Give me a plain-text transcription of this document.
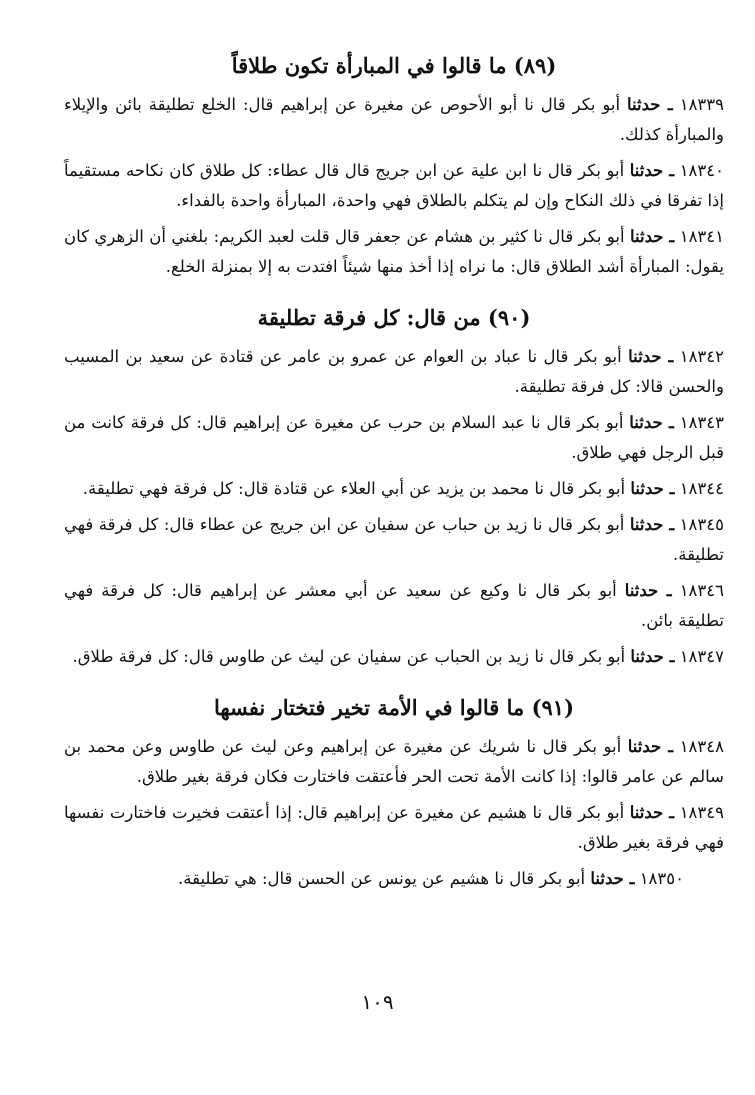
(٨٩) ما قالوا في المبارأة تكون طلاقاً

١٨٣٣٩ ـ حدثنا أبو بكر قال نا أبو الأحوص عن مغيرة عن إبراهيم قال: الخلع تطليقة بائن والإيلاء والمبارأة كذلك.

١٨٣٤٠ ـ حدثنا أبو بكر قال نا ابن علية عن ابن جريج قال قال عطاء: كل طلاق كان نكاحه مستقيماً إذا تفرقا في ذلك النكاح وإن لم يتكلم بالطلاق فهي واحدة، المبارأة واحدة بالفداء.

١٨٣٤١ ـ حدثنا أبو بكر قال نا كثير بن هشام عن جعفر قال قلت لعبد الكريم: بلغني أن الزهري كان يقول: المبارأة أشد الطلاق قال: ما نراه إذا أخذ منها شيئاً افتدت به إلا بمنزلة الخلع.

(٩٠) من قال: كل فرقة تطليقة

١٨٣٤٢ ـ حدثنا أبو بكر قال نا عباد بن العوام عن عمرو بن عامر عن قتادة عن سعيد بن المسيب والحسن قالا: كل فرقة تطليقة.

١٨٣٤٣ ـ حدثنا أبو بكر قال نا عبد السلام بن حرب عن مغيرة عن إبراهيم قال: كل فرقة كانت من قبل الرجل فهي طلاق.

١٨٣٤٤ ـ حدثنا أبو بكر قال نا محمد بن يزيد عن أبي العلاء عن قتادة قال: كل فرقة فهي تطليقة.

١٨٣٤٥ ـ حدثنا أبو بكر قال نا زيد بن حباب عن سفيان عن ابن جريج عن عطاء قال: كل فرقة فهي تطليقة.

١٨٣٤٦ ـ حدثنا أبو بكر قال نا وكيع عن سعيد عن أبي معشر عن إبراهيم قال: كل فرقة فهي تطليقة بائن.

١٨٣٤٧ ـ حدثنا أبو بكر قال نا زيد بن الحباب عن سفيان عن ليث عن طاوس قال: كل فرقة طلاق.

(٩١) ما قالوا في الأمة تخير فتختار نفسها

١٨٣٤٨ ـ حدثنا أبو بكر قال نا شريك عن مغيرة عن إبراهيم وعن ليث عن طاوس وعن محمد بن سالم عن عامر قالوا: إذا كانت الأمة تحت الحر فأعتقت فاختارت فكان فرقة بغير طلاق.

١٨٣٤٩ ـ حدثنا أبو بكر قال نا هشيم عن مغيرة عن إبراهيم قال: إذا أعتقت فخيرت فاختارت نفسها فهي فرقة بغير طلاق.

١٨٣٥٠ ـ حدثنا أبو بكر قال نا هشيم عن يونس عن الحسن قال: هي تطليقة.

١٠٩
